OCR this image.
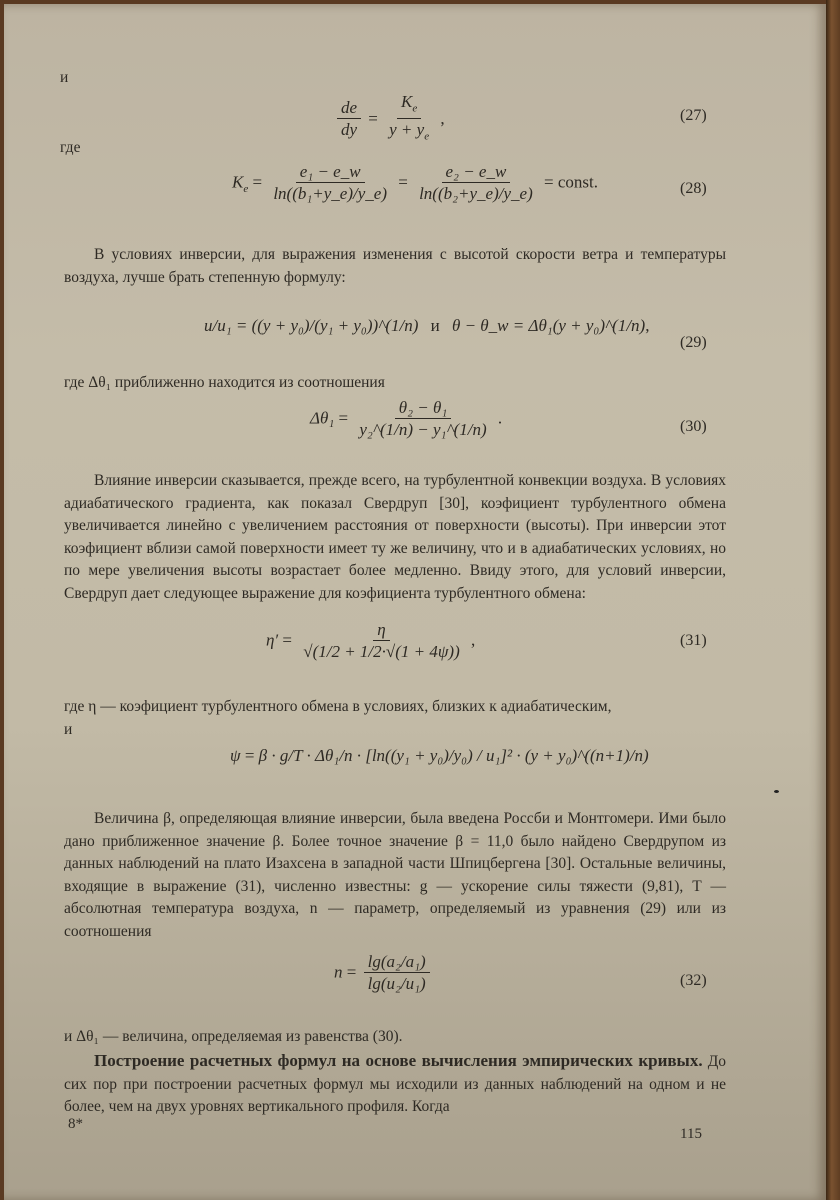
и
$\frac{de}{dy} = \frac{K_e}{y + y_e}$ ,	(27)
где
$K_e = \frac{\text{e₁ − e\_w}}{\text{ln((b₁+y\_e)/y\_e)}} = \frac{\text{e₂ − e\_w}}{\text{ln((b₂+y\_e)/y\_e)}}$ = const.	(28)
В условиях инверсии, для выражения изменения с высотой скорости ветра и температуры воздуха, лучше брать степенную формулу:
u/u₁ = ((y + y₀)/(y₁ + y₀))^(1/n) и θ − θ_w = Δθ₁(y + y₀)^(1/n),
(29)
где Δθ₁ приближенно находится из соотношения
$\Delta\theta_1 = \frac{\text{θ₂ − θ₁}}{\text{y₂\textasciicircum{}(1/n) − y₁\textasciicircum{}(1/n)}}$ .	(30)
Влияние инверсии сказывается, прежде всего, на турбулентной конвекции воздуха. В условиях адиабатического градиента, как показал Свердруп [30], коэфициент турбулентного обмена увеличивается линейно с увеличением расстояния от поверхности (высоты). При инверсии этот коэфициент вблизи самой поверхности имеет ту же величину, что и в адиабатических условиях, но по мере увеличения высоты возрастает более медленно. Ввиду этого, для условий инверсии, Свердруп дает следующее выражение для коэфициента турбулентного обмена:
$\eta' = \frac{\eta}{√(1/2 + 1/2\cdot√(1 + 4\psi))}$ ,	(31)
где η — коэфициент турбулентного обмена в условиях, близких к адиабатическим,
и
ψ = β · g/T · Δθ₁/n · [ln((y₁ + y₀)/y₀) / u₁]² · (y + y₀)^((n+1)/n)
Величина β, определяющая влияние инверсии, была введена Россби и Монтгомери. Ими было дано приближенное значение β. Более точное значение β = 11,0 было найдено Свердрупом из данных наблюдений на плато Изахсена в западной части Шпицбергена [30]. Остальные величины, входящие в выражение (31), численно известны: g — ускорение силы тяжести (9,81), T — абсолютная температура воздуха, n — параметр, определяемый из уравнения (29) или из соотношения
$n = \frac{\text{lg(a₂/a₁)}}{\text{lg(u₂/u₁)}}$	(32)
и Δθ₁ — величина, определяемая из равенства (30).
Построение расчетных формул на основе вычисления эмпирических кривых. До сих пор при построении расчетных формул мы исходили из данных наблюдений на одном и не более, чем на двух уровнях вертикального профиля. Когда
8*
115
